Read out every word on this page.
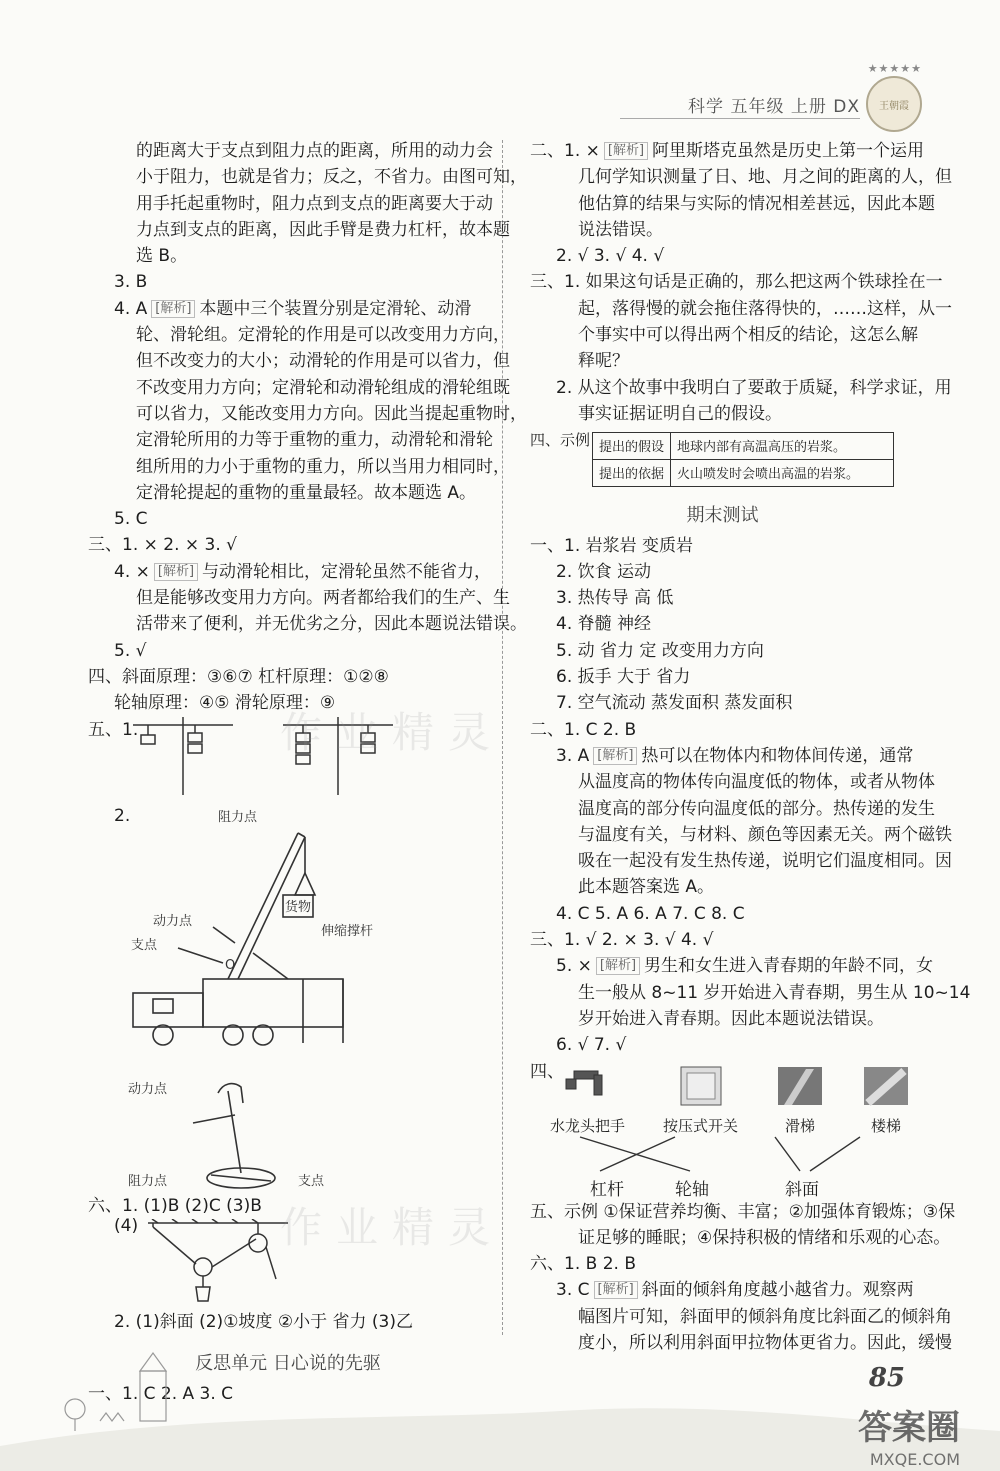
★★★★★
王朝霞
科学 五年级 上册 DX
的距离大于支点到阻力点的距离，所用的动力会
小于阻力，也就是省力；反之，不省力。由图可知，
用手托起重物时，阻力点到支点的距离要大于动
力点到支点的距离，因此手臂是费力杠杆，故本题
选 B。
3. B
4. A [解析] 本题中三个装置分别是定滑轮、动滑
轮、滑轮组。定滑轮的作用是可以改变用力方向，
但不改变力的大小；动滑轮的作用是可以省力，但
不改变用力方向；定滑轮和动滑轮组成的滑轮组既
可以省力，又能改变用力方向。因此当提起重物时，
定滑轮所用的力等于重物的重力，动滑轮和滑轮
组所用的力小于重物的重力，所以当用力相同时，
定滑轮提起的重物的重量最轻。故本题选 A。
5. C
三、1. × 2. × 3. √
4. × [解析] 与动滑轮相比，定滑轮虽然不能省力，
但是能够改变用力方向。两者都给我们的生产、生
活带来了便利，并无优劣之分，因此本题说法错误。
5. √
四、斜面原理：③⑥⑦ 杠杆原理：①②⑧
轮轴原理：④⑤ 滑轮原理：⑨
五、1.
2.	阻力点
动力点
支点
货物
伸缩撑杆
O
动力点
阻力点	支点
六、1. (1)B (2)C (3)B
(4)
2. (1)斜面 (2)①坡度 ②小于 省力 (3)乙
反思单元 日心说的先驱
一、1. C 2. A 3. C
二、1. × [解析] 阿里斯塔克虽然是历史上第一个运用
几何学知识测量了日、地、月之间的距离的人，但
他估算的结果与实际的情况相差甚远，因此本题
说法错误。
2. √ 3. √ 4. √
三、1. 如果这句话是正确的，那么把这两个铁球拴在一
起，落得慢的就会拖住落得快的，……这样，从一
个事实中可以得出两个相反的结论，这怎么解
释呢？
2. 从这个故事中我明白了要敢于质疑，科学求证，用
事实证据证明自己的假设。
四、示例 提出的假设	地球内部有高温高压的岩浆。
提出的依据	火山喷发时会喷出高温的岩浆。
期末测试
一、1. 岩浆岩 变质岩
2. 饮食 运动
3. 热传导 高 低
4. 脊髓 神经
5. 动 省力 定 改变用力方向
6. 扳手 大于 省力
7. 空气流动 蒸发面积 蒸发面积
二、1. C 2. B
3. A [解析] 热可以在物体内和物体间传递，通常
从温度高的物体传向温度低的物体，或者从物体
温度高的部分传向温度低的部分。热传递的发生
与温度有关，与材料、颜色等因素无关。两个磁铁
吸在一起没有发生热传递，说明它们温度相同。因
此本题答案选 A。
4. C 5. A 6. A 7. C 8. C
三、1. √ 2. × 3. √ 4. √
5. × [解析] 男生和女生进入青春期的年龄不同，女
生一般从 8~11 岁开始进入青春期，男生从 10~14
岁开始进入青春期。因此本题说法错误。
6. √ 7. √
四、
水龙头把手	按压式开关	滑梯	楼梯
杠杆	轮轴	斜面
五、示例 ①保证营养均衡、丰富；②加强体育锻炼；③保
证足够的睡眠；④保持积极的情绪和乐观的心态。
六、1. B 2. B
3. C [解析] 斜面的倾斜角度越小越省力。观察两
幅图片可知，斜面甲的倾斜角度比斜面乙的倾斜角
度小，所以利用斜面甲拉物体更省力。因此，缓慢
作业精灵
作业精灵
85
答案圈
MXQE.COM
